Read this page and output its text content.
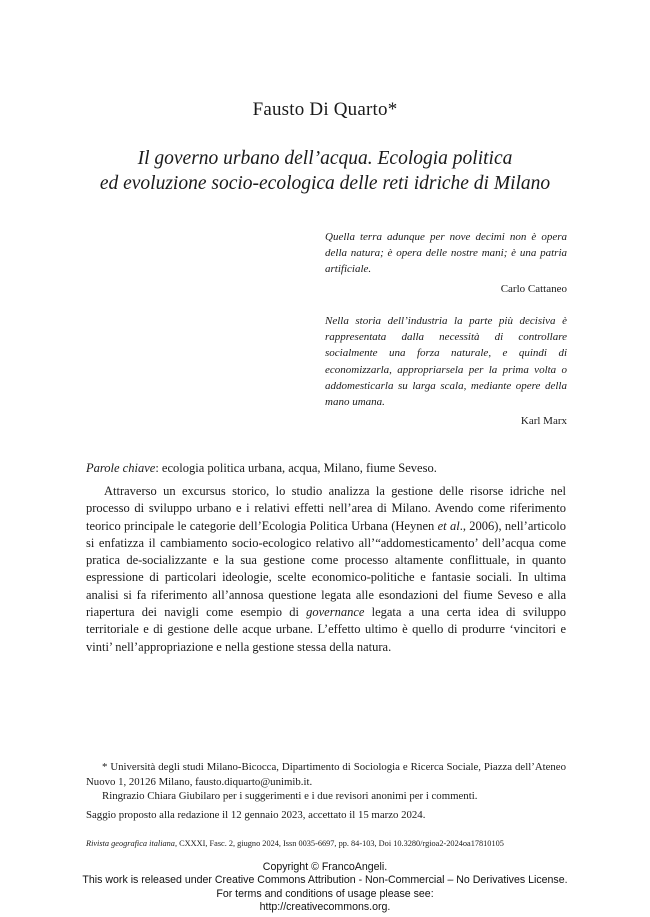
Fausto Di Quarto*
Il governo urbano dell’acqua. Ecologia politica
ed evoluzione socio-ecologica delle reti idriche di Milano
Quella terra adunque per nove decimi non è opera della natura; è opera delle nostre mani; è una patria artificiale.
Carlo Cattaneo
Nella storia dell’industria la parte più decisiva è rappresentata dalla necessità di controllare socialmente una forza naturale, e quindi di economizzarla, appropriarsela per la prima volta o addomesticarla su larga scala, mediante opere della mano umana.
Karl Marx
Parole chiave: ecologia politica urbana, acqua, Milano, fiume Seveso.

Attraverso un excursus storico, lo studio analizza la gestione delle risorse idriche nel processo di sviluppo urbano e i relativi effetti nell’area di Milano. Avendo come riferimento teorico principale le categorie dell’Ecologia Politica Urbana (Heynen et al., 2006), nell’articolo si enfatizza il cambiamento socio-ecologico relativo all’“addomesticamento’ dell’acqua come pratica de-socializzante e la sua gestione come processo altamente conflittuale, in quanto espressione di particolari ideologie, scelte economico-politiche e fantasie sociali. In ultima analisi si fa riferimento all’annosa questione legata alle esondazioni del fiume Seveso e alla riapertura dei navigli come esempio di governance legata a una certa idea di sviluppo territoriale e di gestione delle acque urbane. L’effetto ultimo è quello di produrre ‘vincitori e vinti’ nell’appropriazione e nella gestione stessa della natura.

* Università degli studi Milano-Bicocca, Dipartimento di Sociologia e Ricerca Sociale, Piazza dell’Ateneo Nuovo 1, 20126 Milano, fausto.diquarto@unimib.it.

Ringrazio Chiara Giubilaro per i suggerimenti e i due revisori anonimi per i commenti.

Saggio proposto alla redazione il 12 gennaio 2023, accettato il 15 marzo 2024.

Rivista geografica italiana, CXXXI, Fasc. 2, giugno 2024, Issn 0035-6697, pp. 84-103, Doi 10.3280/rgioa2-2024oa17810105
Copyright © FrancoAngeli.
This work is released under Creative Commons Attribution - Non-Commercial – No Derivatives License.
For terms and conditions of usage please see:
http://creativecommons.org.
